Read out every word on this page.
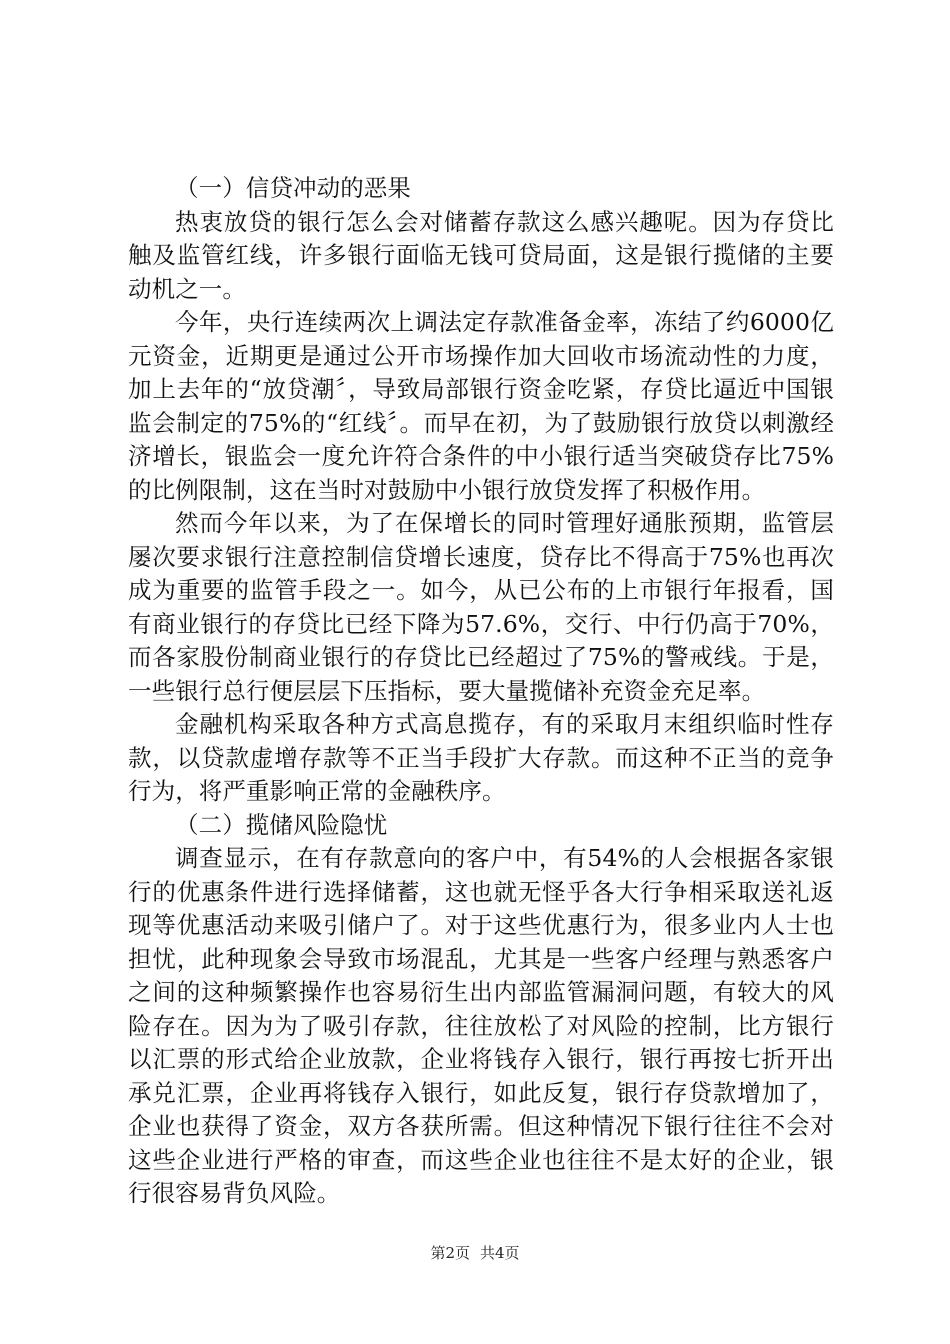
（一）信贷冲动的恶果

热衷放贷的银行怎么会对储蓄存款这么感兴趣呢。因为存贷比触及监管红线，许多银行面临无钱可贷局面，这是银行揽储的主要动机之一。

今年，央行连续两次上调法定存款准备金率，冻结了约6000亿元资金，近期更是通过公开市场操作加大回收市场流动性的力度，加上去年的“放贷潮〞，导致局部银行资金吃紧，存贷比逼近中国银监会制定的75%的“红线〞。而早在初，为了鼓励银行放贷以刺激经济增长，银监会一度允许符合条件的中小银行适当突破贷存比75%的比例限制，这在当时对鼓励中小银行放贷发挥了积极作用。

然而今年以来，为了在保增长的同时管理好通胀预期，监管层屡次要求银行注意控制信贷增长速度，贷存比不得高于75%也再次成为重要的监管手段之一。如今，从已公布的上市银行年报看，国有商业银行的存贷比已经下降为57.6%，交行、中行仍高于70%，而各家股份制商业银行的存贷比已经超过了75%的警戒线。于是，一些银行总行便层层下压指标，要大量揽储补充资金充足率。

金融机构采取各种方式高息揽存，有的采取月末组织临时性存款，以贷款虚增存款等不正当手段扩大存款。而这种不正当的竞争行为，将严重影响正常的金融秩序。

（二）揽储风险隐忧

调查显示，在有存款意向的客户中，有54%的人会根据各家银行的优惠条件进行选择储蓄，这也就无怪乎各大行争相采取送礼返现等优惠活动来吸引储户了。对于这些优惠行为，很多业内人士也担忧，此种现象会导致市场混乱，尤其是一些客户经理与熟悉客户之间的这种频繁操作也容易衍生出内部监管漏洞问题，有较大的风险存在。因为为了吸引存款，往往放松了对风险的控制，比方银行以汇票的形式给企业放款，企业将钱存入银行，银行再按七折开出承兑汇票，企业再将钱存入银行，如此反复，银行存贷款增加了，企业也获得了资金，双方各获所需。但这种情况下银行往往不会对这些企业进行严格的审查，而这些企业也往往不是太好的企业，银行很容易背负风险。

第2页 共4页
